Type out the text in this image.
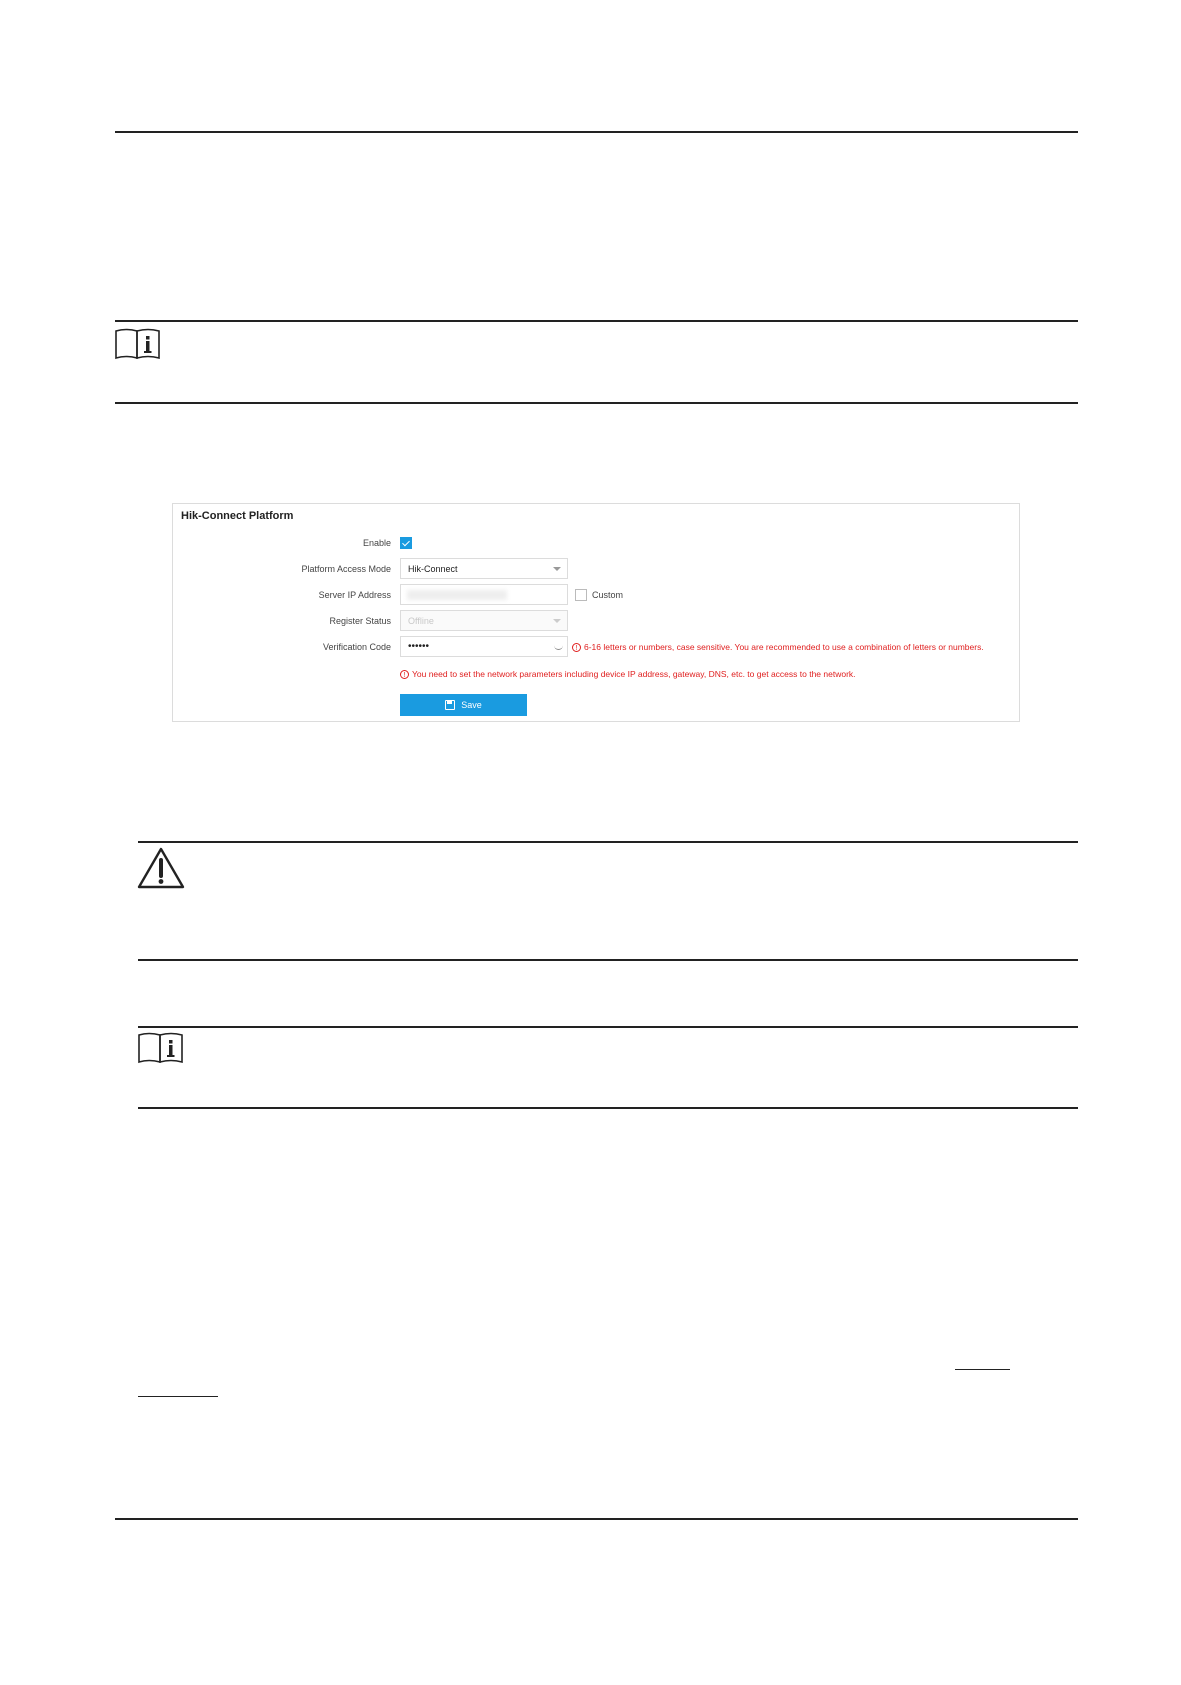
Hik-Connect Platform
Enable
Platform Access Mode Hik-Connect
Server IP Address	Custom
Register Status Offline
Verification Code ••••••	! 6-16 letters or numbers, case sensitive. You are recommended to use a combination of letters or numbers.
! You need to set the network parameters including device IP address, gateway, DNS, etc. to get access to the network.
Save
